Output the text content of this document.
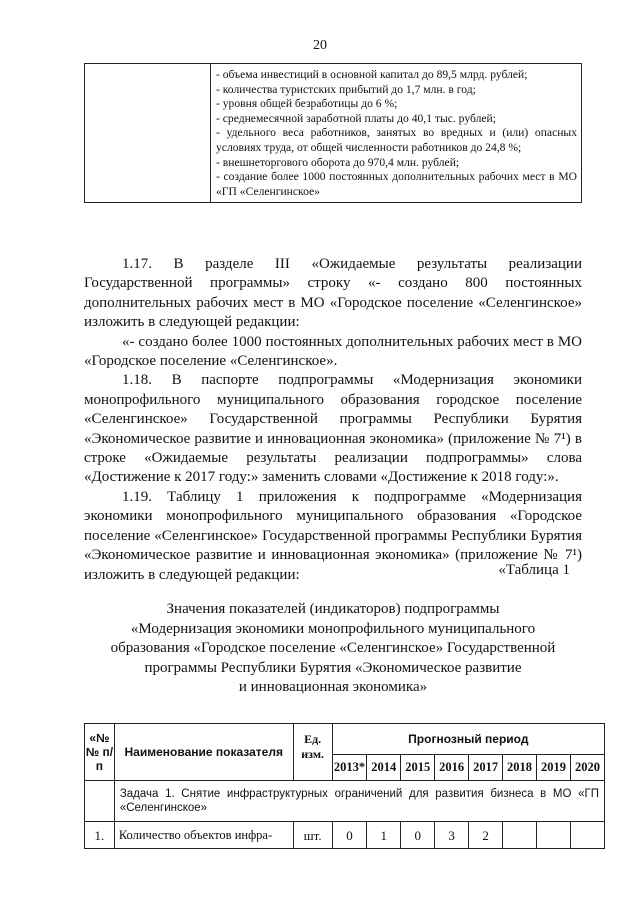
20

- объема инвестиций в основной капитал до 89,5 млрд. рублей;
- количества туристских прибытий до 1,7 млн. в год;
- уровня общей безработицы до 6 %;
- среднемесячной заработной платы до 40,1 тыс. рублей;
- удельного веса работников, занятых во вредных и (или) опасных условиях труда, от общей численности работников до 24,8 %;
- внешнеторгового оборота до 970,4 млн. рублей;
- создание более 1000 постоянных дополнительных рабочих мест в МО «ГП «Селенгинское»

1.17. В разделе III «Ожидаемые результаты реализации Государственной программы» строку «- создано 800 постоянных дополнительных рабочих мест в МО «Городское поселение «Селенгинское» изложить в следующей редакции:

«- создано более 1000 постоянных дополнительных рабочих мест в МО «Городское поселение «Селенгинское».

1.18. В паспорте подпрограммы «Модернизация экономики монопрофильного муниципального образования городское поселение «Селенгинское» Государственной программы Республики Бурятия «Экономическое развитие и инновационная экономика» (приложение № 7¹) в строке «Ожидаемые результаты реализации подпрограммы» слова «Достижение к 2017 году:» заменить словами «Достижение к 2018 году:».

1.19. Таблицу 1 приложения к подпрограмме «Модернизация экономики монопрофильного муниципального образования «Городское поселение «Селенгинское» Государственной программы Республики Бурятия «Экономическое развитие и инновационная экономика» (приложение № 7¹) изложить в следующей редакции:	«Таблица 1
Значения показателей (индикаторов) подпрограммы
«Модернизация экономики монопрофильного муниципального
образования «Городское поселение «Селенгинское» Государственной
программы Республики Бурятия «Экономическое развитие
и инновационная экономика»
«№№ п/п	Наименование показателя	Ед. изм.	Прогнозный период							
			2013*	2014	2015	2016	2017	2018	2019	2020
	Задача 1. Снятие инфраструктурных ограничений для развития бизнеса в МО «ГП «Селенгинское»									
1.	Количество объектов инфра-	шт.	0	1	0	3	2			
